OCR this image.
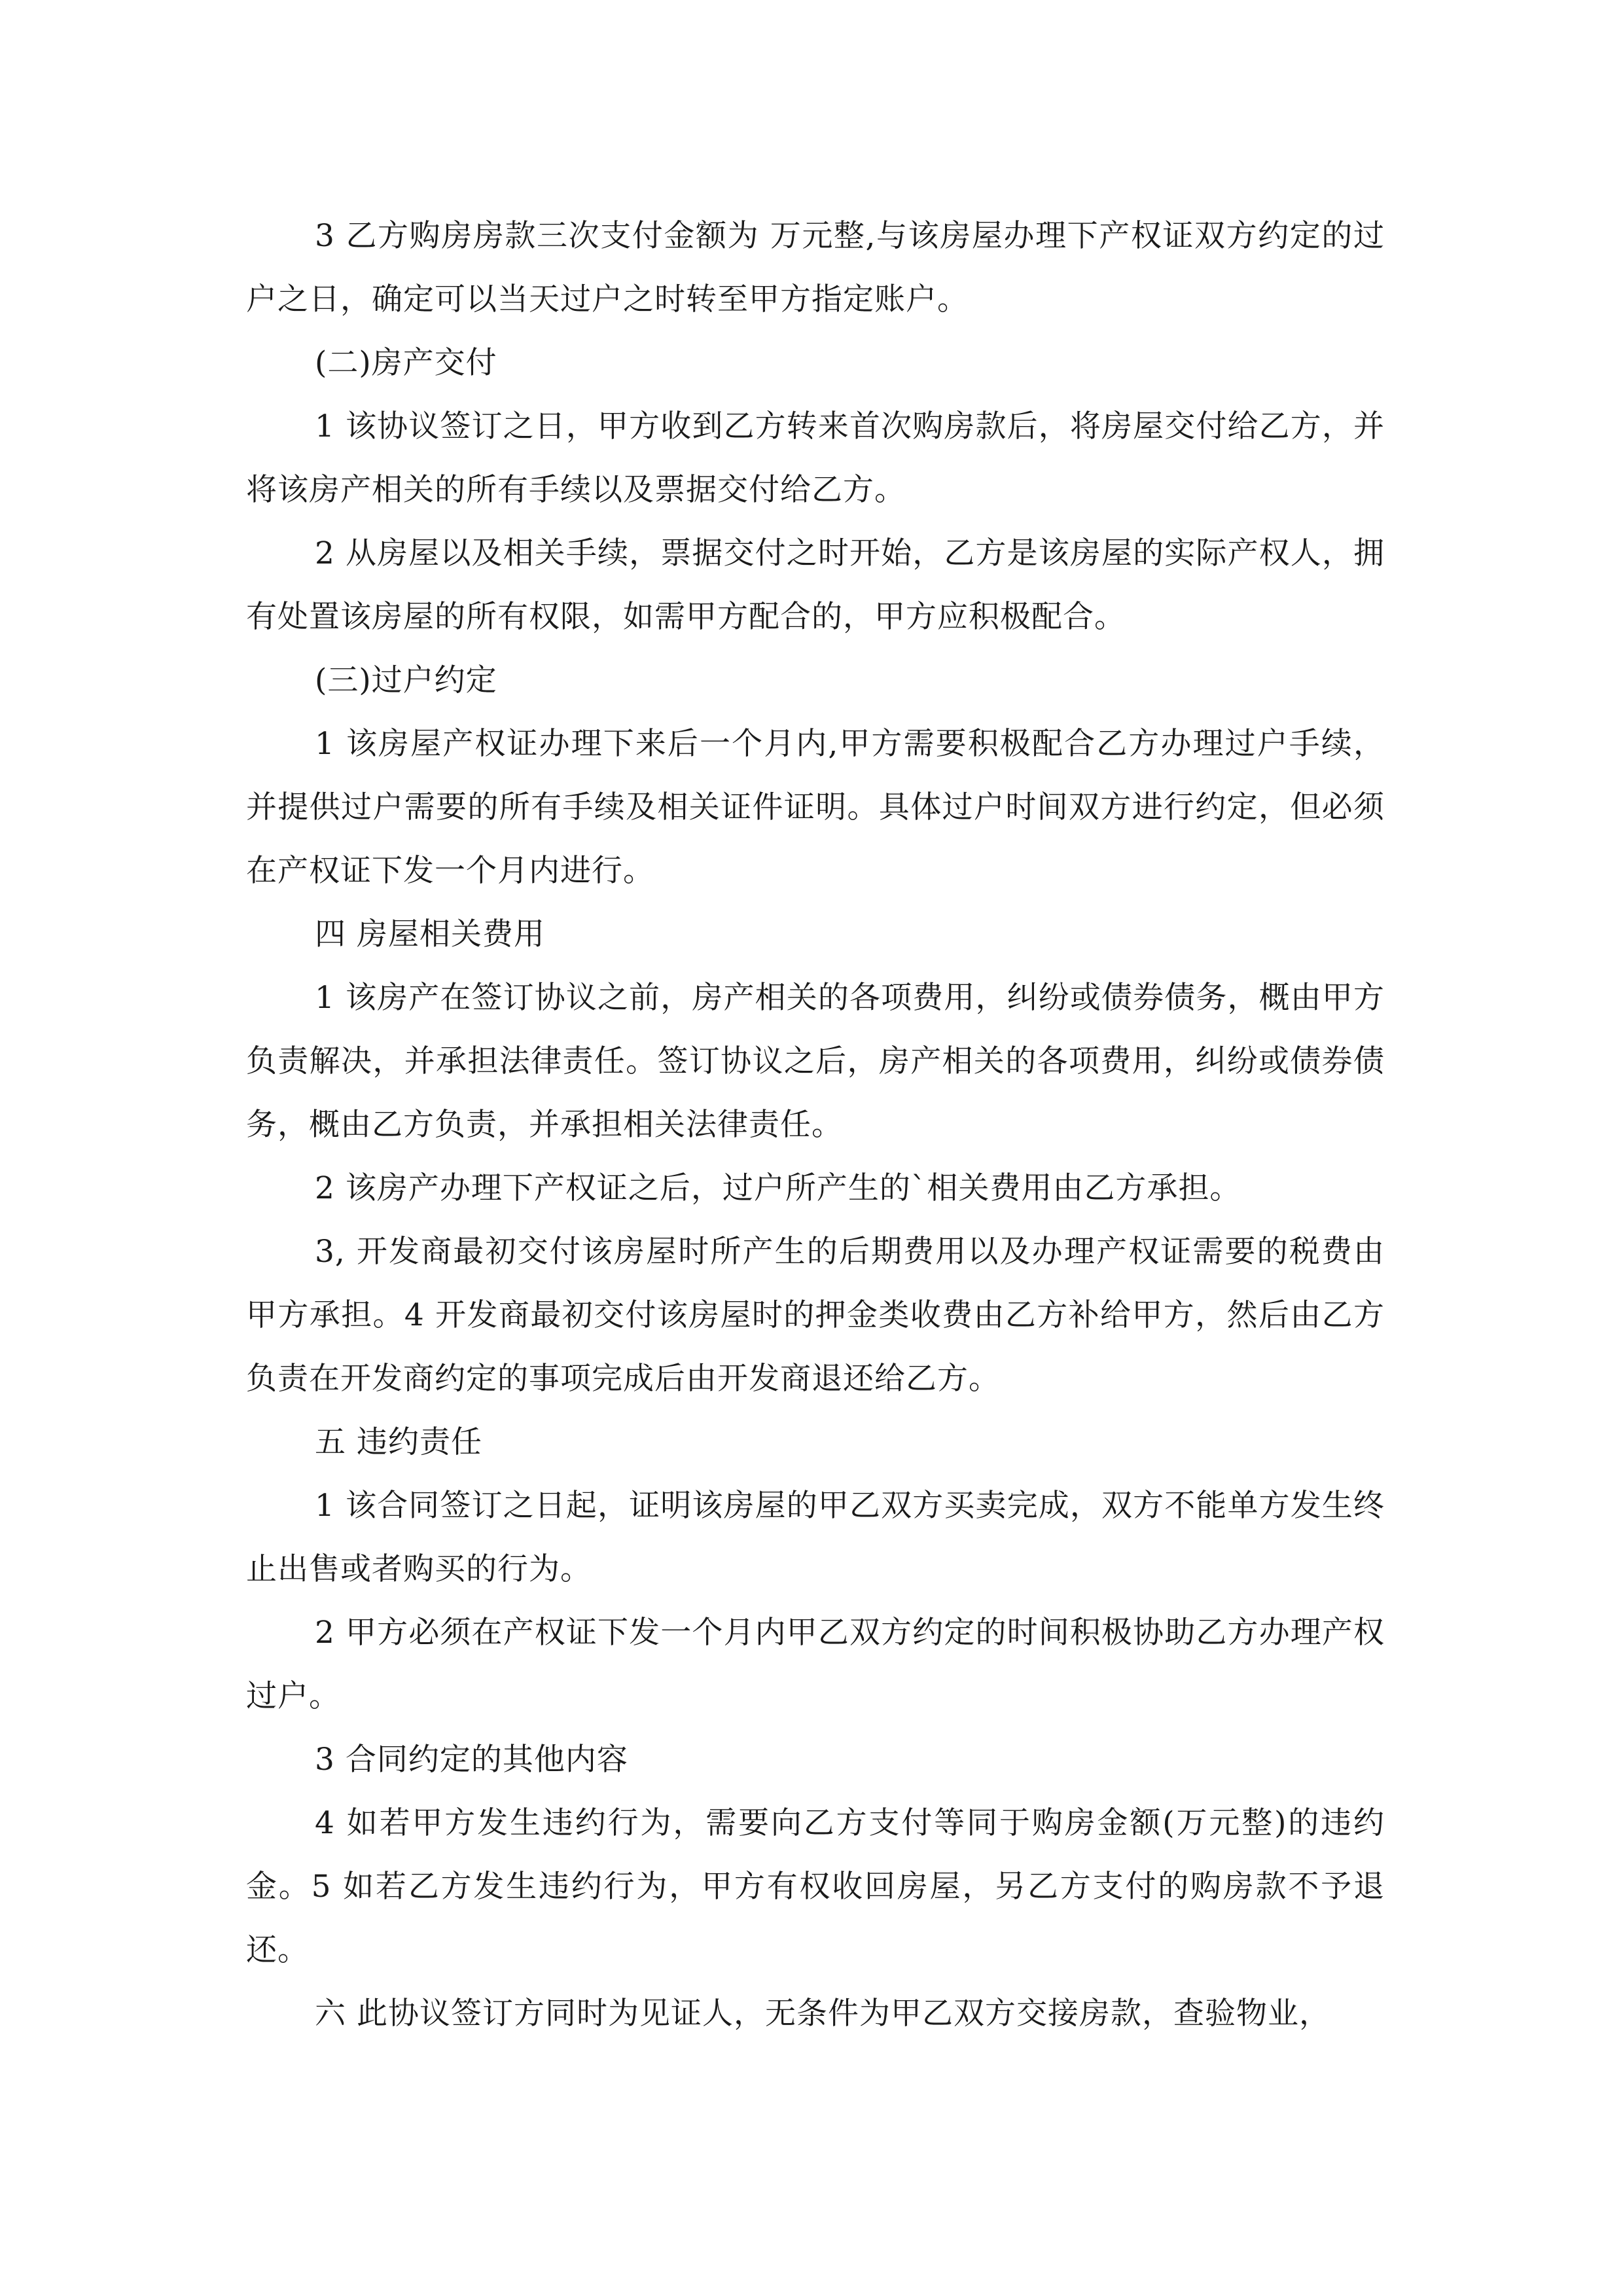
3 乙方购房房款三次支付金额为 万元整,与该房屋办理下产权证双方约定的过户之日，确定可以当天过户之时转至甲方指定账户。

(二)房产交付

1 该协议签订之日，甲方收到乙方转来首次购房款后，将房屋交付给乙方，并将该房产相关的所有手续以及票据交付给乙方。

2 从房屋以及相关手续，票据交付之时开始，乙方是该房屋的实际产权人，拥有处置该房屋的所有权限，如需甲方配合的，甲方应积极配合。

(三)过户约定

1 该房屋产权证办理下来后一个月内,甲方需要积极配合乙方办理过户手续，并提供过户需要的所有手续及相关证件证明。具体过户时间双方进行约定，但必须在产权证下发一个月内进行。

四 房屋相关费用

1 该房产在签订协议之前，房产相关的各项费用，纠纷或债券债务，概由甲方负责解决，并承担法律责任。签订协议之后，房产相关的各项费用，纠纷或债券债务，概由乙方负责，并承担相关法律责任。

2 该房产办理下产权证之后，过户所产生的`相关费用由乙方承担。

3, 开发商最初交付该房屋时所产生的后期费用以及办理产权证需要的税费由甲方承担。4 开发商最初交付该房屋时的押金类收费由乙方补给甲方，然后由乙方负责在开发商约定的事项完成后由开发商退还给乙方。

五 违约责任

1 该合同签订之日起，证明该房屋的甲乙双方买卖完成，双方不能单方发生终止出售或者购买的行为。

2 甲方必须在产权证下发一个月内甲乙双方约定的时间积极协助乙方办理产权过户。

3 合同约定的其他内容

4 如若甲方发生违约行为，需要向乙方支付等同于购房金额(万元整)的违约金。5 如若乙方发生违约行为，甲方有权收回房屋，另乙方支付的购房款不予退还。

六 此协议签订方同时为见证人，无条件为甲乙双方交接房款，查验物业，
